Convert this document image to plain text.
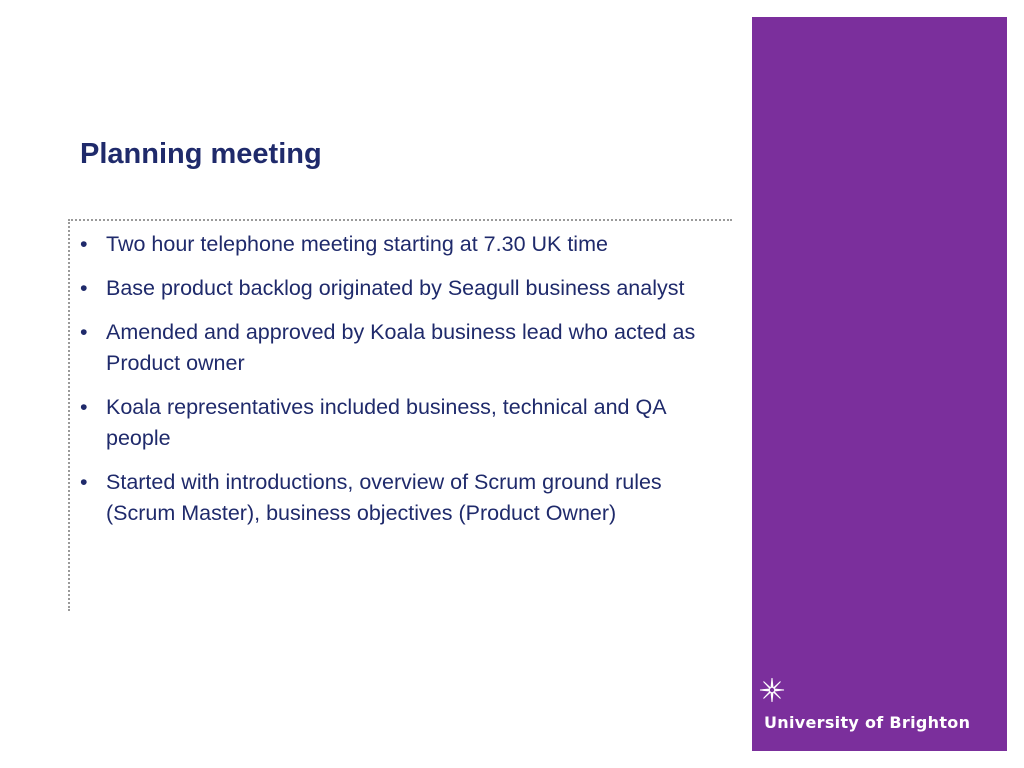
Planning meeting
• Two hour telephone meeting starting at 7.30 UK time
• Base product backlog originated by Seagull business analyst
• Amended and approved by Koala business lead who acted as Product owner
• Koala representatives included business, technical and QA people
• Started with introductions, overview of Scrum ground rules (Scrum Master), business objectives (Product Owner)
University of Brighton
